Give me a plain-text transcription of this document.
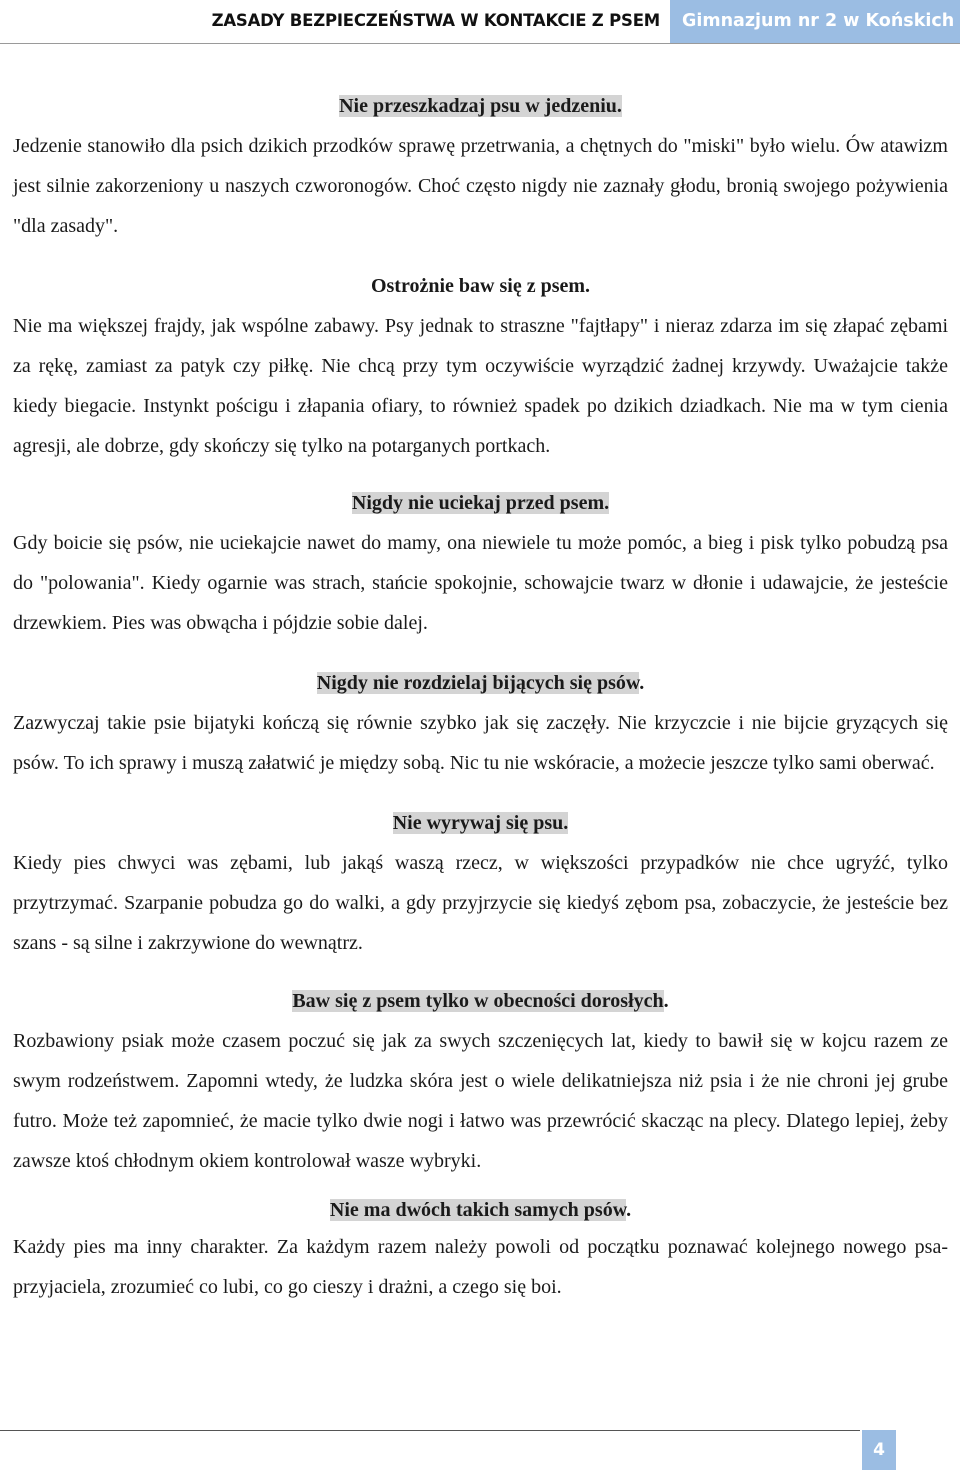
ZASADY BEZPIECZEŃSTWA W KONTAKCIE Z PSEM	Gimnazjum nr 2 w Końskich
Nie przeszkadzaj psu w jedzeniu.

Jedzenie stanowiło dla psich dzikich przodków sprawę przetrwania, a chętnych do "miski" było wielu. Ów atawizm jest silnie zakorzeniony u naszych czworonogów. Choć często nigdy nie zaznały głodu, bronią swojego pożywienia "dla zasady".

Ostrożnie baw się z psem.

Nie ma większej frajdy, jak wspólne zabawy. Psy jednak to straszne "fajtłapy" i nieraz zdarza im się złapać zębami za rękę, zamiast za patyk czy piłkę. Nie chcą przy tym oczywiście wyrządzić żadnej krzywdy. Uważajcie także kiedy biegacie. Instynkt pościgu i złapania ofiary, to również spadek po dzikich dziadkach. Nie ma w tym cienia agresji, ale dobrze, gdy skończy się tylko na potarganych portkach.

Nigdy nie uciekaj przed psem.

Gdy boicie się psów, nie uciekajcie nawet do mamy, ona niewiele tu może pomóc, a bieg i pisk tylko pobudzą psa do "polowania". Kiedy ogarnie was strach, stańcie spokojnie, schowajcie twarz w dłonie i udawajcie, że jesteście drzewkiem. Pies was obwącha i pójdzie sobie dalej.

Nigdy nie rozdzielaj bijących się psów.

Zazwyczaj takie psie bijatyki kończą się równie szybko jak się zaczęły. Nie krzyczcie i nie bijcie gryzących się psów. To ich sprawy i muszą załatwić je między sobą. Nic tu nie wskóracie, a możecie jeszcze tylko sami oberwać.

Nie wyrywaj się psu.

Kiedy pies chwyci was zębami, lub jakąś waszą rzecz, w większości przypadków nie chce ugryźć, tylko przytrzymać. Szarpanie pobudza go do walki, a gdy przyjrzycie się kiedyś zębom psa, zobaczycie, że jesteście bez szans - są silne i zakrzywione do wewnątrz.

Baw się z psem tylko w obecności dorosłych.

Rozbawiony psiak może czasem poczuć się jak za swych szczenięcych lat, kiedy to bawił się w kojcu razem ze swym rodzeństwem. Zapomni wtedy, że ludzka skóra jest o wiele delikatniejsza niż psia i że nie chroni jej grube futro. Może też zapomnieć, że macie tylko dwie nogi i łatwo was przewrócić skacząc na plecy. Dlatego lepiej, żeby zawsze ktoś chłodnym okiem kontrolował wasze wybryki.

Nie ma dwóch takich samych psów.

Każdy pies ma inny charakter. Za każdym razem należy powoli od początku poznawać kolejnego nowego psa-przyjaciela, zrozumieć co lubi, co go cieszy i drażni, a czego się boi.

4
